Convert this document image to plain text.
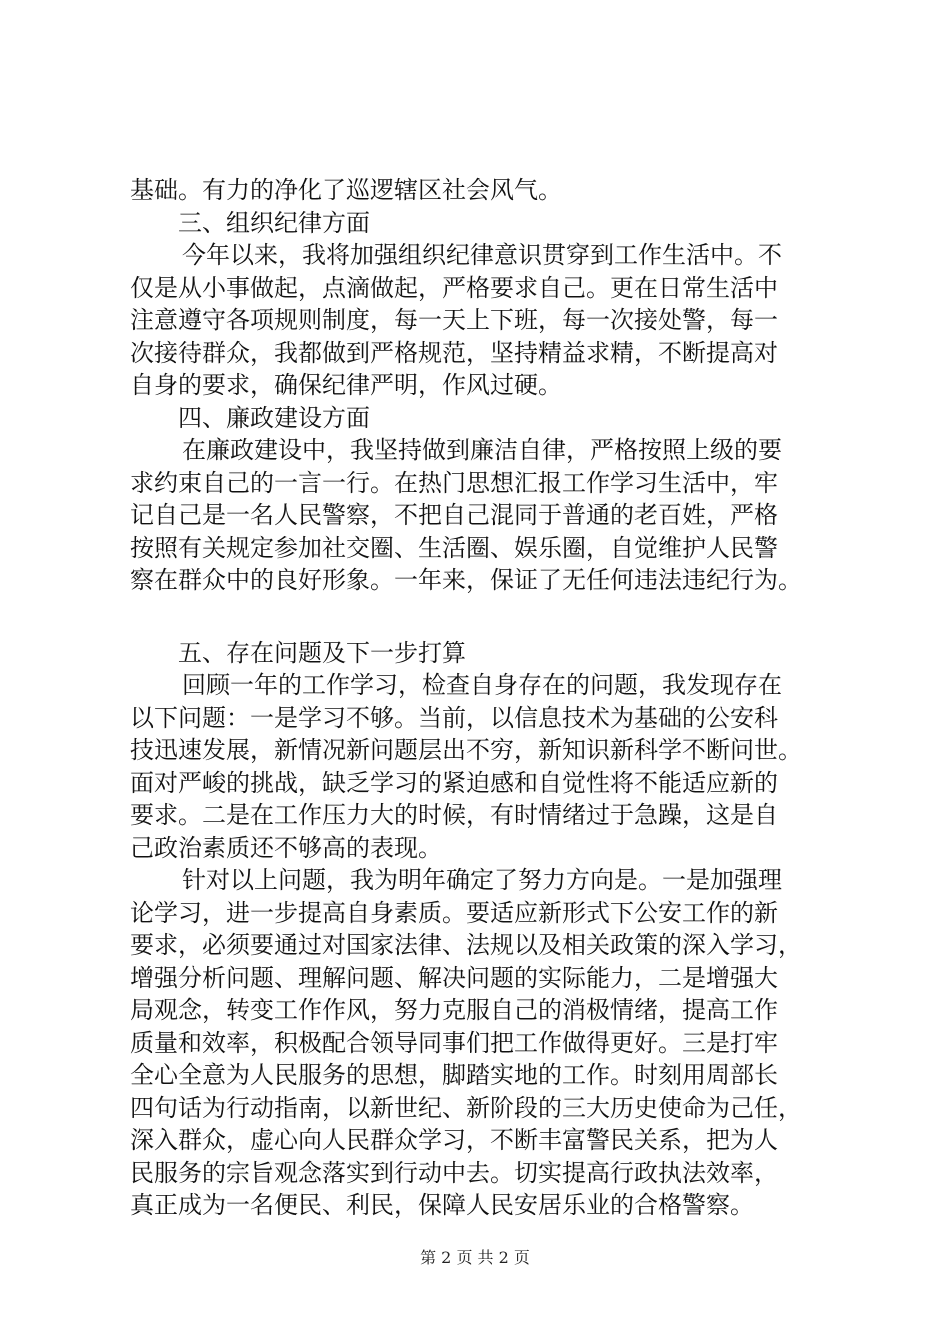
基础。有力的净化了巡逻辖区社会风气。
三、组织纪律方面
今年以来，我将加强组织纪律意识贯穿到工作生活中。不
仅是从小事做起，点滴做起，严格要求自己。更在日常生活中
注意遵守各项规则制度，每一天上下班，每一次接处警，每一
次接待群众，我都做到严格规范，坚持精益求精，不断提高对
自身的要求，确保纪律严明，作风过硬。
四、廉政建设方面
在廉政建设中，我坚持做到廉洁自律，严格按照上级的要
求约束自己的一言一行。在热门思想汇报工作学习生活中，牢
记自己是一名人民警察，不把自己混同于普通的老百姓，严格
按照有关规定参加社交圈、生活圈、娱乐圈，自觉维护人民警
察在群众中的良好形象。一年来，保证了无任何违法违纪行为。
五、存在问题及下一步打算
回顾一年的工作学习，检查自身存在的问题，我发现存在
以下问题：一是学习不够。当前，以信息技术为基础的公安科
技迅速发展，新情况新问题层出不穷，新知识新科学不断问世。
面对严峻的挑战，缺乏学习的紧迫感和自觉性将不能适应新的
要求。二是在工作压力大的时候，有时情绪过于急躁，这是自
己政治素质还不够高的表现。
针对以上问题，我为明年确定了努力方向是。一是加强理
论学习，进一步提高自身素质。要适应新形式下公安工作的新
要求，必须要通过对国家法律、法规以及相关政策的深入学习，
增强分析问题、理解问题、解决问题的实际能力，二是增强大
局观念，转变工作作风，努力克服自己的消极情绪，提高工作
质量和效率，积极配合领导同事们把工作做得更好。三是打牢
全心全意为人民服务的思想，脚踏实地的工作。时刻用周部长
四句话为行动指南，以新世纪、新阶段的三大历史使命为己任，
深入群众，虚心向人民群众学习，不断丰富警民关系，把为人
民服务的宗旨观念落实到行动中去。切实提高行政执法效率，
真正成为一名便民、利民，保障人民安居乐业的合格警察。
第 2 页 共 2 页
